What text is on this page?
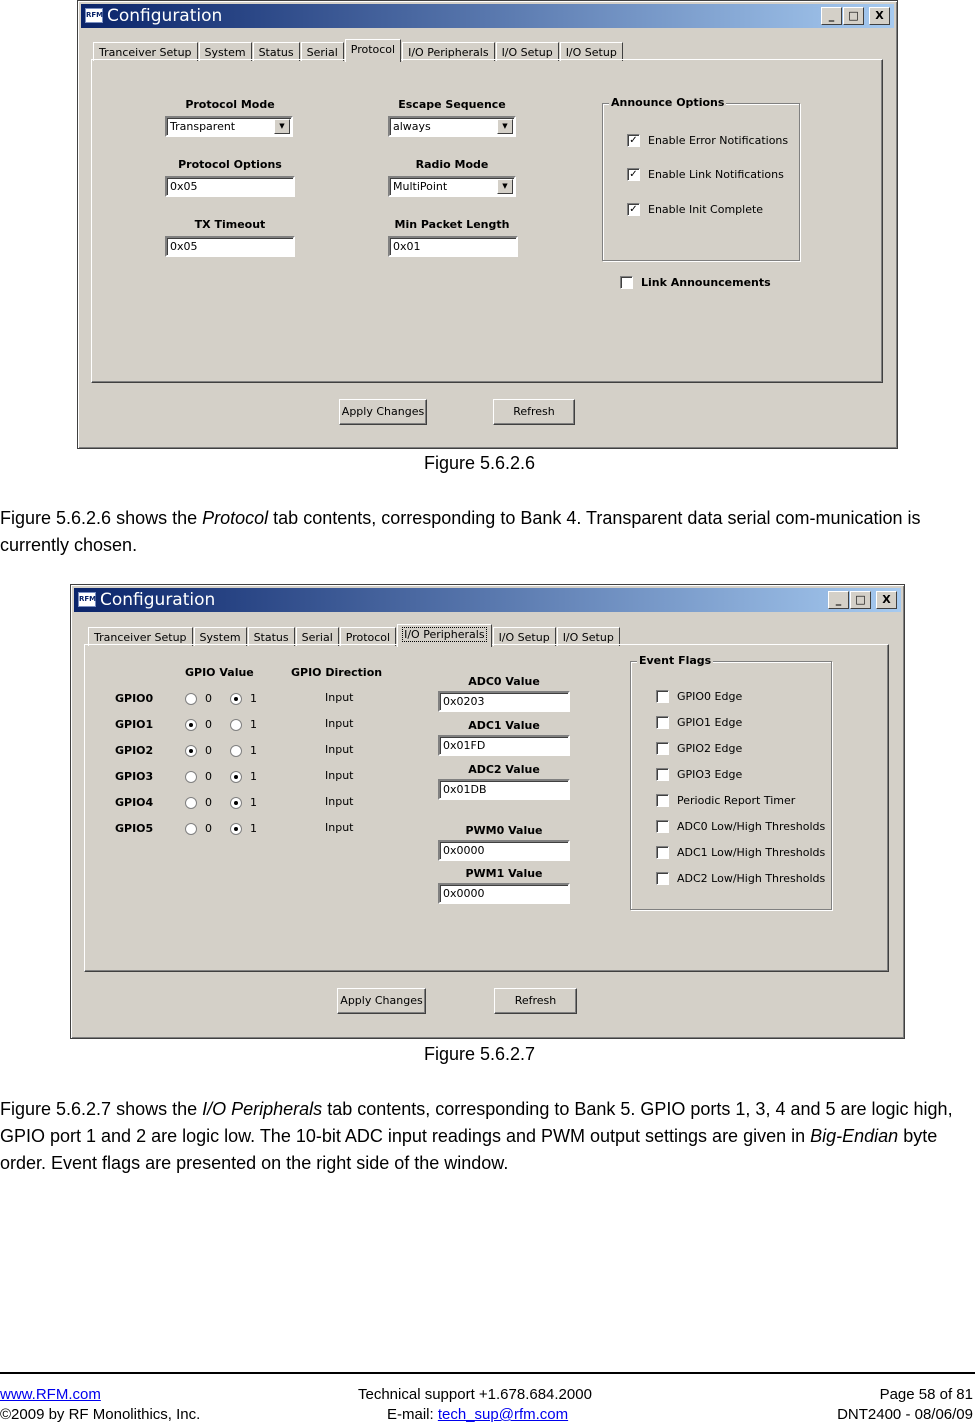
RFM Configuration	_	□	X
Tranceiver Setup	System	Status	Serial	Protocol	I/O Peripherals	I/O Setup	I/O Setup
Protocol Mode
Transparent	▼
Protocol Options
0x05
TX Timeout
0x05
Escape Sequence
always	▼
Radio Mode
MultiPoint	▼
Min Packet Length
0x01
Announce Options
✓ Enable Error Notifications
✓ Enable Link Notifications
✓ Enable Init Complete
Link Announcements
Apply Changes	Refresh
Figure 5.6.2.6
Figure 5.6.2.6 shows the Protocol tab contents, corresponding to Bank 4. Transparent data serial com-munication is currently chosen.
RFM Configuration	_	□	X
Tranceiver Setup	System	Status	Serial	Protocol	I/O Peripherals	I/O Setup	I/O Setup
GPIO Value	GPIO Direction
GPIO0	0	1	Input
GPIO1	0	1	Input
GPIO2	0	1	Input
GPIO3	0	1	Input
GPIO4	0	1	Input
GPIO5	0	1	Input
ADC0 Value
0x0203
ADC1 Value
0x01FD
ADC2 Value
0x01DB
PWM0 Value
0x0000
PWM1 Value
0x0000
Event Flags
GPIO0 Edge
GPIO1 Edge
GPIO2 Edge
GPIO3 Edge
Periodic Report Timer
ADC0 Low/High Thresholds
ADC1 Low/High Thresholds
ADC2 Low/High Thresholds
Apply Changes	Refresh
Figure 5.6.2.7
Figure 5.6.2.7 shows the I/O Peripherals tab contents, corresponding to Bank 5. GPIO ports 1, 3, 4 and 5 are logic high, GPIO port 1 and 2 are logic low. The 10-bit ADC input readings and PWM output settings are given in Big-Endian byte order. Event flags are presented on the right side of the window.
www.RFM.com
©2009 by RF Monolithics, Inc.
Technical support +1.678.684.2000
E-mail: tech_sup@rfm.com
Page 58 of 81
DNT2400 - 08/06/09
